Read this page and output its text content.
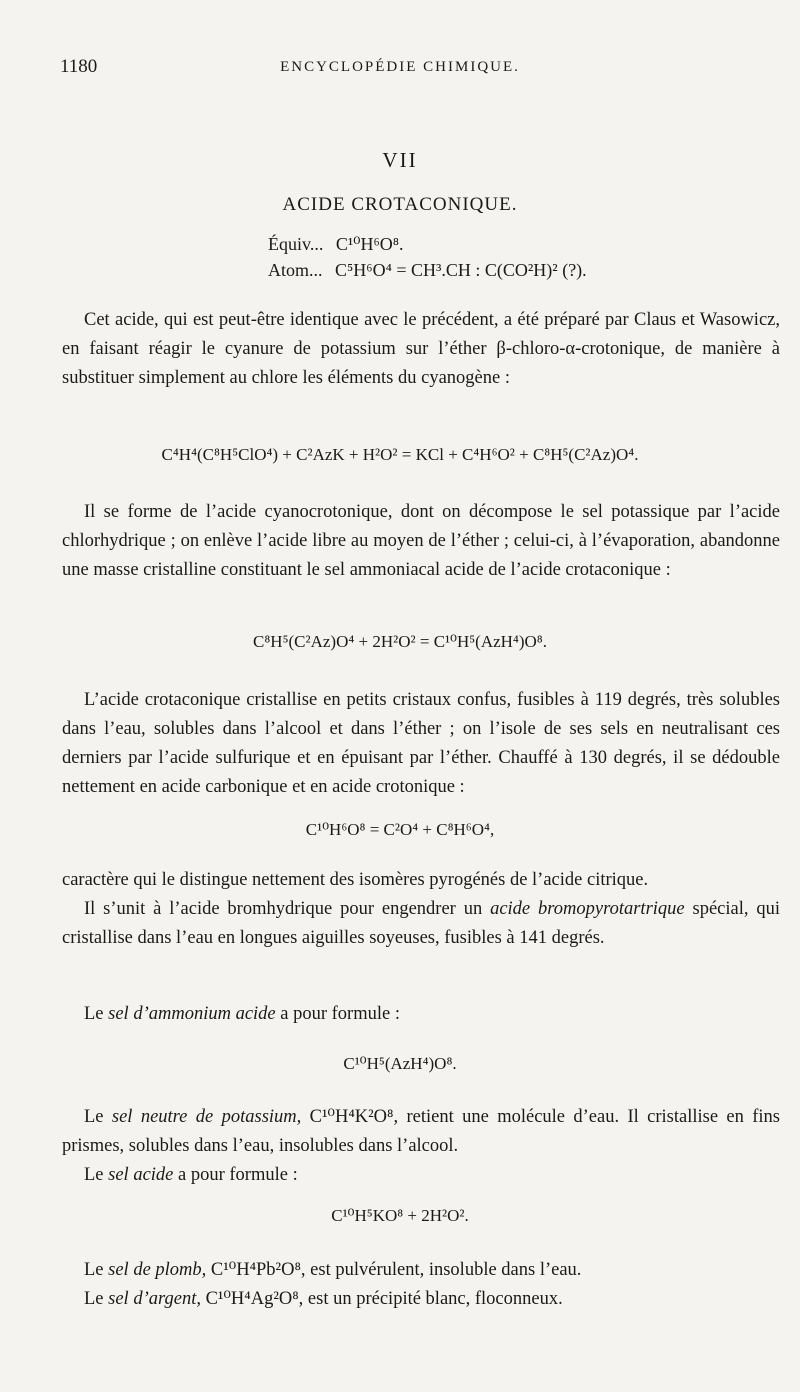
1180	ENCYCLOPÉDIE CHIMIQUE.
VII
ACIDE CROTACONIQUE.
Équiv... C¹⁰H⁶O⁸.
Atom... C⁵H⁶O⁴ = CH³.CH : C(CO²H)² (?).

Cet acide, qui est peut-être identique avec le précédent, a été préparé par Claus et Wasowicz, en faisant réagir le cyanure de potassium sur l’éther β-chloro-α-crotonique, de manière à substituer simplement au chlore les éléments du cyanogène :

C⁴H⁴(C⁸H⁵ClO⁴) + C²AzK + H²O² = KCl + C⁴H⁶O² + C⁸H⁵(C²Az)O⁴.

Il se forme de l’acide cyanocrotonique, dont on décompose le sel potassique par l’acide chlorhydrique ; on enlève l’acide libre au moyen de l’éther ; celui-ci, à l’évaporation, abandonne une masse cristalline constituant le sel ammoniacal acide de l’acide crotaconique :

C⁸H⁵(C²Az)O⁴ + 2H²O² = C¹⁰H⁵(AzH⁴)O⁸.

L’acide crotaconique cristallise en petits cristaux confus, fusibles à 119 degrés, très solubles dans l’eau, solubles dans l’alcool et dans l’éther ; on l’isole de ses sels en neutralisant ces derniers par l’acide sulfurique et en épuisant par l’éther. Chauffé à 130 degrés, il se dédouble nettement en acide carbonique et en acide crotonique :

C¹⁰H⁶O⁸ = C²O⁴ + C⁸H⁶O⁴,

caractère qui le distingue nettement des isomères pyrogénés de l’acide citrique.

Il s’unit à l’acide bromhydrique pour engendrer un acide bromopyrotartrique spécial, qui cristallise dans l’eau en longues aiguilles soyeuses, fusibles à 141 degrés.

Le sel d’ammonium acide a pour formule :

C¹⁰H⁵(AzH⁴)O⁸.

Le sel neutre de potassium, C¹⁰H⁴K²O⁸, retient une molécule d’eau. Il cristallise en fins prismes, solubles dans l’eau, insolubles dans l’alcool.

Le sel acide a pour formule :

C¹⁰H⁵KO⁸ + 2H²O².

Le sel de plomb, C¹⁰H⁴Pb²O⁸, est pulvérulent, insoluble dans l’eau.

Le sel d’argent, C¹⁰H⁴Ag²O⁸, est un précipité blanc, floconneux.
